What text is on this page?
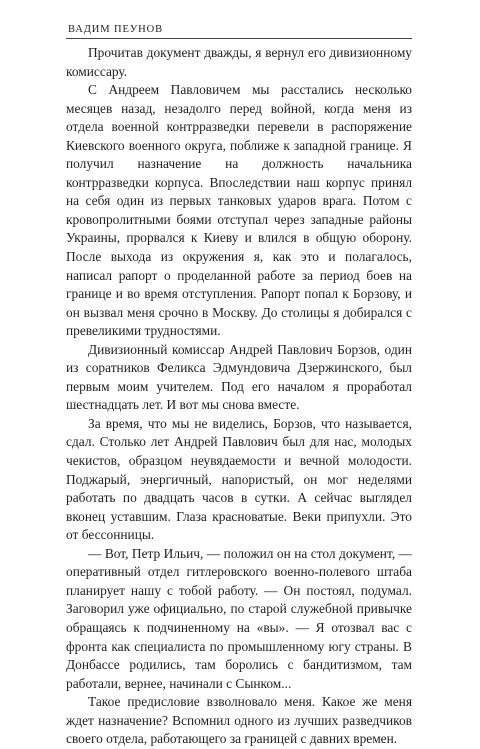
ВАДИМ ПЕУНОВ

Прочитав документ дважды, я вернул его дивизионному комиссару.

С Андреем Павловичем мы расстались несколько месяцев назад, незадолго перед войной, когда меня из отдела военной контрразведки перевели в распоряжение Киевского военного округа, поближе к западной границе. Я получил назначение на должность начальника контрразведки корпуса. Впоследствии наш корпус принял на себя один из первых танковых ударов врага. Потом с кровопролитными боями отступал через западные районы Украины, прорвался к Киеву и влился в общую оборону. После выхода из окружения я, как это и полагалось, написал рапорт о проделанной работе за период боев на границе и во время отступления. Рапорт попал к Борзову, и он вызвал меня срочно в Москву. До столицы я добирался с превеликими трудностями.

Дивизионный комиссар Андрей Павлович Борзов, один из соратников Феликса Эдмундовича Дзержинского, был первым моим учителем. Под его началом я проработал шестнадцать лет. И вот мы снова вместе.

За время, что мы не виделись, Борзов, что называется, сдал. Столько лет Андрей Павлович был для нас, молодых чекистов, образцом неувядаемости и вечной молодости. Поджарый, энергичный, напористый, он мог неделями работать по двадцать часов в сутки. А сейчас выглядел вконец уставшим. Глаза красноватые. Веки припухли. Это от бессонницы.

— Вот, Петр Ильич, — положил он на стол документ, — оперативный отдел гитлеровского военно-полевого штаба планирует нашу с тобой работу. — Он постоял, подумал. Заговорил уже официально, по старой служебной привычке обращаясь к подчиненному на «вы». — Я отозвал вас с фронта как специалиста по промышленному югу страны. В Донбассе родились, там боролись с бандитизмом, там работали, вернее, начинали с Сынком...

Такое предисловие взволновало меня. Какое же меня ждет назначение? Вспомнил одного из лучших разведчиков своего отдела, работающего за границей с давних времен.
